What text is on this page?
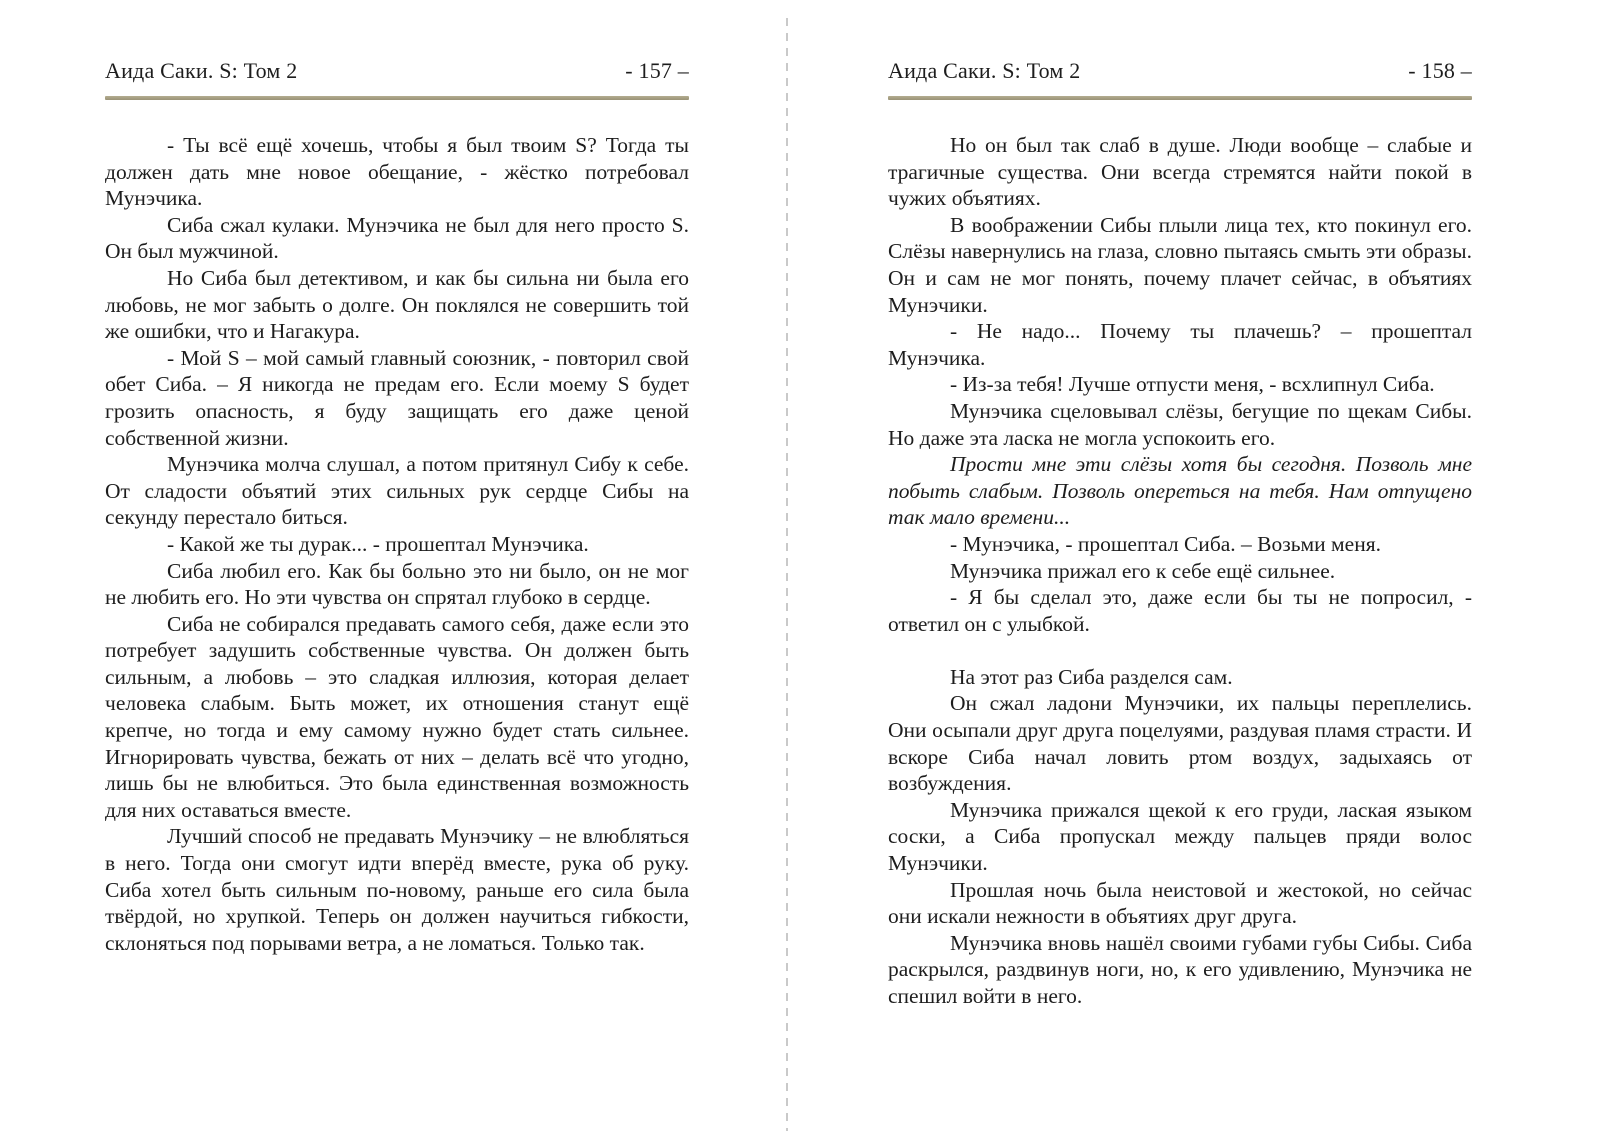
Аида Саки. S: Том 2	- 157 –

- Ты всё ещё хочешь, чтобы я был твоим S? Тогда ты должен дать мне новое обещание, - жёстко потребовал Мунэчика.

Сиба сжал кулаки. Мунэчика не был для него просто S. Он был мужчиной.

Но Сиба был детективом, и как бы сильна ни была его любовь, не мог забыть о долге. Он поклялся не совершить той же ошибки, что и Нагакура.

- Мой S – мой самый главный союзник, - повторил свой обет Сиба. – Я никогда не предам его. Если моему S будет грозить опасность, я буду защищать его даже ценой собственной жизни.

Мунэчика молча слушал, а потом притянул Сибу к себе. От сладости объятий этих сильных рук сердце Сибы на секунду перестало биться.

- Какой же ты дурак... - прошептал Мунэчика.

Сиба любил его. Как бы больно это ни было, он не мог не любить его. Но эти чувства он спрятал глубоко в сердце.

Сиба не собирался предавать самого себя, даже если это потребует задушить собственные чувства. Он должен быть сильным, а любовь – это сладкая иллюзия, которая делает человека слабым. Быть может, их отношения станут ещё крепче, но тогда и ему самому нужно будет стать сильнее. Игнорировать чувства, бежать от них – делать всё что угодно, лишь бы не влюбиться. Это была единственная возможность для них оставаться вместе.

Лучший способ не предавать Мунэчику – не влюбляться в него. Тогда они смогут идти вперёд вместе, рука об руку. Сиба хотел быть сильным по-новому, раньше его сила была твёрдой, но хрупкой. Теперь он должен научиться гибкости, склоняться под порывами ветра, а не ломаться. Только так.

Аида Саки. S: Том 2	- 158 –

Но он был так слаб в душе. Люди вообще – слабые и трагичные существа. Они всегда стремятся найти покой в чужих объятиях.

В воображении Сибы плыли лица тех, кто покинул его. Слёзы навернулись на глаза, словно пытаясь смыть эти образы. Он и сам не мог понять, почему плачет сейчас, в объятиях Мунэчики.

- Не надо... Почему ты плачешь? – прошептал Мунэчика.

- Из-за тебя! Лучше отпусти меня, - всхлипнул Сиба.

Мунэчика сцеловывал слёзы, бегущие по щекам Сибы. Но даже эта ласка не могла успокоить его.

Прости мне эти слёзы хотя бы сегодня. Позволь мне побыть слабым. Позволь опереться на тебя. Нам отпущено так мало времени...

- Мунэчика, - прошептал Сиба. – Возьми меня.

Мунэчика прижал его к себе ещё сильнее.

- Я бы сделал это, даже если бы ты не попросил, - ответил он с улыбкой.

На этот раз Сиба разделся сам.

Он сжал ладони Мунэчики, их пальцы переплелись. Они осыпали друг друга поцелуями, раздувая пламя страсти. И вскоре Сиба начал ловить ртом воздух, задыхаясь от возбуждения.

Мунэчика прижался щекой к его груди, лаская языком соски, а Сиба пропускал между пальцев пряди волос Мунэчики.

Прошлая ночь была неистовой и жестокой, но сейчас они искали нежности в объятиях друг друга.

Мунэчика вновь нашёл своими губами губы Сибы. Сиба раскрылся, раздвинув ноги, но, к его удивлению, Мунэчика не спешил войти в него.
